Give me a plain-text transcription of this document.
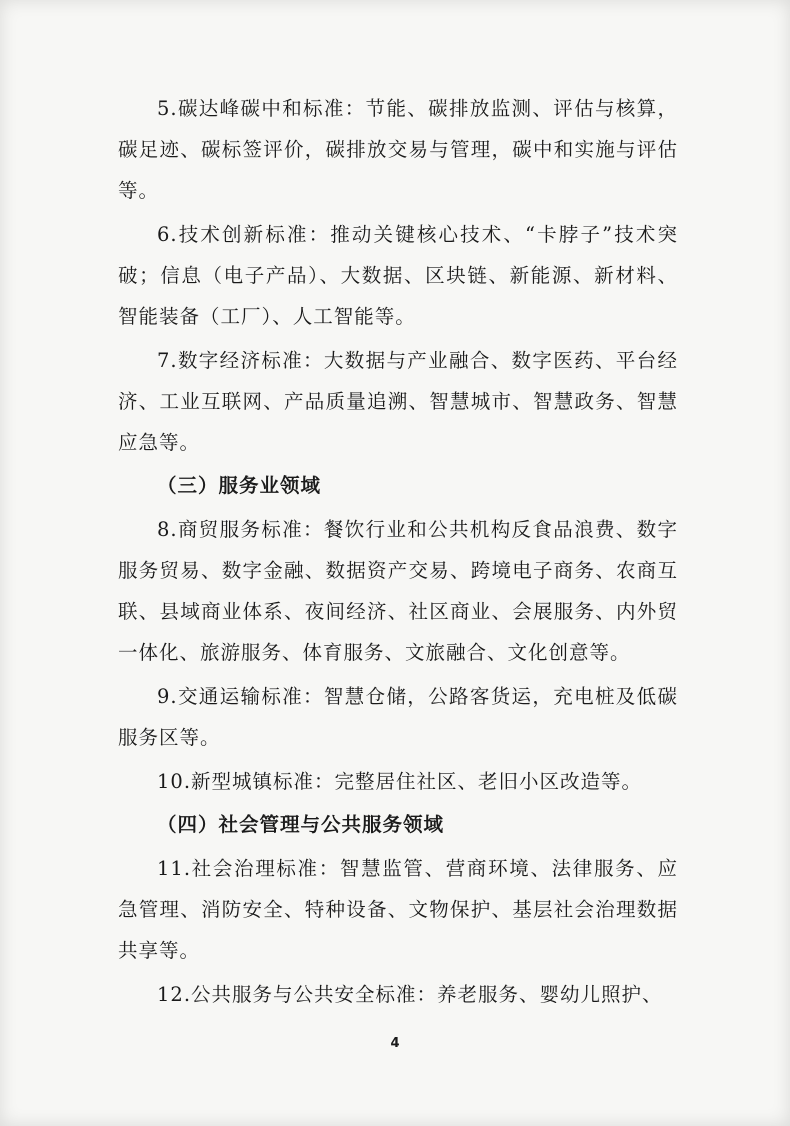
5.碳达峰碳中和标准：节能、碳排放监测、评估与核算，碳足迹、碳标签评价，碳排放交易与管理，碳中和实施与评估等。

6.技术创新标准：推动关键核心技术、“卡脖子”技术突破；信息（电子产品）、大数据、区块链、新能源、新材料、智能装备（工厂）、人工智能等。

7.数字经济标准：大数据与产业融合、数字医药、平台经济、工业互联网、产品质量追溯、智慧城市、智慧政务、智慧应急等。

（三）服务业领域

8.商贸服务标准：餐饮行业和公共机构反食品浪费、数字服务贸易、数字金融、数据资产交易、跨境电子商务、农商互联、县域商业体系、夜间经济、社区商业、会展服务、内外贸一体化、旅游服务、体育服务、文旅融合、文化创意等。

9.交通运输标准：智慧仓储，公路客货运，充电桩及低碳服务区等。

10.新型城镇标准：完整居住社区、老旧小区改造等。

（四）社会管理与公共服务领域

11.社会治理标准：智慧监管、营商环境、法律服务、应急管理、消防安全、特种设备、文物保护、基层社会治理数据共享等。

12.公共服务与公共安全标准：养老服务、婴幼儿照护、

4
